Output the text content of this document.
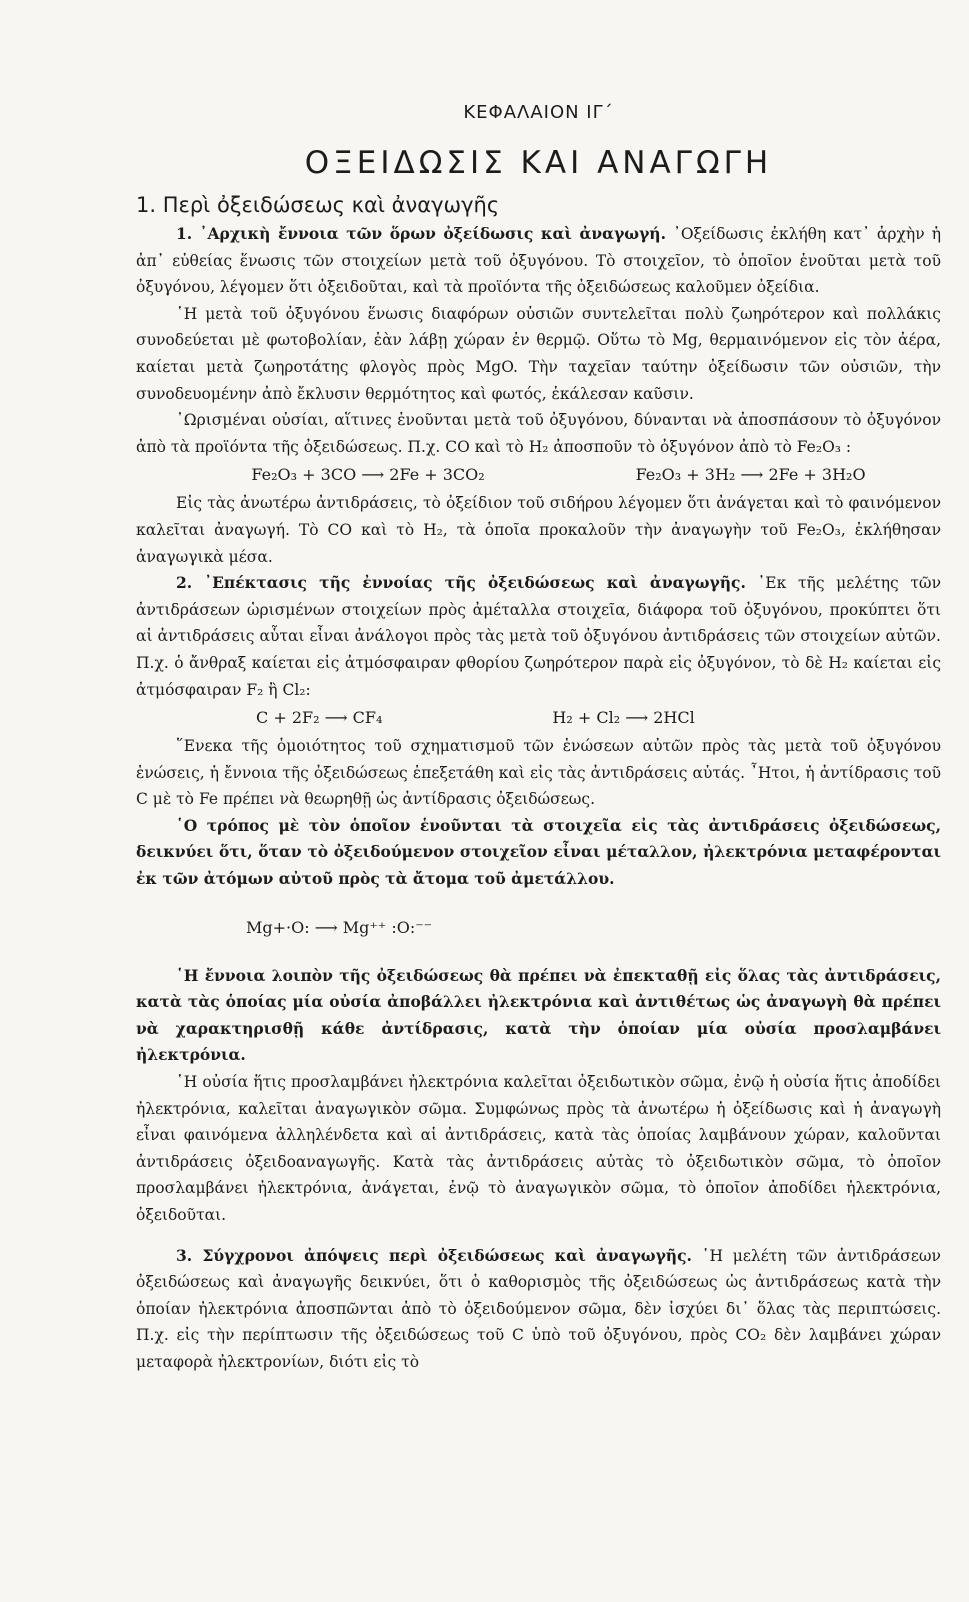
ΚΕΦΑΛΑΙΟΝ ΙΓ΄
ΟΞΕΙΔΩΣΙΣ ΚΑΙ ΑΝΑΓΩΓΗ
1. Περὶ ὀξειδώσεως καὶ ἀναγωγῆς

1. ᾿Αρχικὴ ἔννοια τῶν ὅρων ὀξείδωσις καὶ ἀναγωγή. ᾿Οξείδωσις ἐκλήθη κατ᾿ ἀρχὴν ἡ ἀπ᾿ εὐθείας ἕνωσις τῶν στοιχείων μετὰ τοῦ ὀξυγόνου. Τὸ στοιχεῖον, τὸ ὁποῖον ἑνοῦται μετὰ τοῦ ὀξυγόνου, λέγομεν ὅτι ὀξειδοῦται, καὶ τὰ προϊόντα τῆς ὀξειδώσεως καλοῦμεν ὀξείδια.

῾Η μετὰ τοῦ ὀξυγόνου ἕνωσις διαφόρων οὐσιῶν συντελεῖται πολὺ ζωηρότερον καὶ πολλάκις συνοδεύεται μὲ φωτοβολίαν, ἐὰν λάβῃ χώραν ἐν θερμῷ. Οὕτω τὸ Mg, θερμαινόμενον εἰς τὸν ἀέρα, καίεται μετὰ ζωηροτάτης φλογὸς πρὸς MgO. Τὴν ταχεῖαν ταύτην ὀξείδωσιν τῶν οὐσιῶν, τὴν συνοδευομένην ἀπὸ ἔκλυσιν θερμότητος καὶ φωτός, ἐκάλεσαν καῦσιν.

᾿Ωρισμέναι οὐσίαι, αἵτινες ἑνοῦνται μετὰ τοῦ ὀξυγόνου, δύνανται νὰ ἀποσπάσουν τὸ ὀξυγόνον ἀπὸ τὰ προϊόντα τῆς ὀξειδώσεως. Π.χ. CO καὶ τὸ H₂ ἀποσποῦν τὸ ὀξυγόνον ἀπὸ τὸ Fe₂O₃ :

Fe₂O₃ + 3CO ⟶ 2Fe + 3CO₂	Fe₂O₃ + 3H₂ ⟶ 2Fe + 3H₂O

Εἰς τὰς ἀνωτέρω ἀντιδράσεις, τὸ ὀξείδιον τοῦ σιδήρου λέγομεν ὅτι ἀνάγεται καὶ τὸ φαινόμενον καλεῖται ἀναγωγή. Τὸ CO καὶ τὸ H₂, τὰ ὁποῖα προκαλοῦν τὴν ἀναγωγὴν τοῦ Fe₂O₃, ἐκλήθησαν ἀναγωγικὰ μέσα.

2. ᾿Επέκτασις τῆς ἐννοίας τῆς ὀξειδώσεως καὶ ἀναγωγῆς. ᾿Εκ τῆς μελέτης τῶν ἀντιδράσεων ὡρισμένων στοιχείων πρὸς ἀμέταλλα στοιχεῖα, διάφορα τοῦ ὀξυγόνου, προκύπτει ὅτι αἱ ἀντιδράσεις αὗται εἶναι ἀνάλογοι πρὸς τὰς μετὰ τοῦ ὀξυγόνου ἀντιδράσεις τῶν στοιχείων αὐτῶν. Π.χ. ὁ ἄνθραξ καίεται εἰς ἀτμόσφαιραν φθορίου ζωηρότερον παρὰ εἰς ὀξυγόνον, τὸ δὲ H₂ καίεται εἰς ἀτμόσφαιραν F₂ ἢ Cl₂:

C + 2F₂ ⟶ CF₄	H₂ + Cl₂ ⟶ 2HCl

῞Ενεκα τῆς ὁμοιότητος τοῦ σχηματισμοῦ τῶν ἑνώσεων αὐτῶν πρὸς τὰς μετὰ τοῦ ὀξυγόνου ἑνώσεις, ἡ ἔννοια τῆς ὀξειδώσεως ἐπεξετάθη καὶ εἰς τὰς ἀντιδράσεις αὐτάς. ῏Ητοι, ἡ ἀντίδρασις τοῦ C μὲ τὸ Fe πρέπει νὰ θεωρηθῇ ὡς ἀντίδρασις ὀξειδώσεως.

῾Ο τρόπος μὲ τὸν ὁποῖον ἑνοῦνται τὰ στοιχεῖα εἰς τὰς ἀντιδράσεις ὀξειδώσεως, δεικνύει ὅτι, ὅταν τὸ ὀξειδούμενον στοιχεῖον εἶναι μέταλλον, ἠλεκτρόνια μεταφέρονται ἐκ τῶν ἀτόμων αὐτοῦ πρὸς τὰ ἄτομα τοῦ ἀμετάλλου.

Mg+·O: ⟶ Mg⁺⁺ :O:⁻⁻

῾Η ἔννοια λοιπὸν τῆς ὀξειδώσεως θὰ πρέπει νὰ ἐπεκταθῇ εἰς ὅλας τὰς ἀντιδράσεις, κατὰ τὰς ὁποίας μία οὐσία ἀποβάλλει ἠλεκτρόνια καὶ ἀντιθέτως ὡς ἀναγωγὴ θὰ πρέπει νὰ χαρακτηρισθῇ κάθε ἀντίδρασις, κατὰ τὴν ὁποίαν μία οὐσία προσλαμβάνει ἠλεκτρόνια.

῾Η οὐσία ἥτις προσλαμβάνει ἠλεκτρόνια καλεῖται ὀξειδωτικὸν σῶμα, ἐνῷ ἡ οὐσία ἥτις ἀποδίδει ἠλεκτρόνια, καλεῖται ἀναγωγικὸν σῶμα. Συμφώνως πρὸς τὰ ἀνωτέρω ἡ ὀξείδωσις καὶ ἡ ἀναγωγὴ εἶναι φαινόμενα ἀλληλένδετα καὶ αἱ ἀντιδράσεις, κατὰ τὰς ὁποίας λαμβάνουν χώραν, καλοῦνται ἀντιδράσεις ὀξειδοαναγωγῆς. Κατὰ τὰς ἀντιδράσεις αὐτὰς τὸ ὀξειδωτικὸν σῶμα, τὸ ὁποῖον προσλαμβάνει ἠλεκτρόνια, ἀνάγεται, ἐνῷ τὸ ἀναγωγικὸν σῶμα, τὸ ὁποῖον ἀποδίδει ἠλεκτρόνια, ὀξειδοῦται.

3. Σύγχρονοι ἀπόψεις περὶ ὀξειδώσεως καὶ ἀναγωγῆς. ῾Η μελέτη τῶν ἀντιδράσεων ὀξειδώσεως καὶ ἀναγωγῆς δεικνύει, ὅτι ὁ καθορισμὸς τῆς ὀξειδώσεως ὡς ἀντιδράσεως κατὰ τὴν ὁποίαν ἠλεκτρόνια ἀποσπῶνται ἀπὸ τὸ ὀξειδούμενον σῶμα, δὲν ἰσχύει δι᾿ ὅλας τὰς περιπτώσεις. Π.χ. εἰς τὴν περίπτωσιν τῆς ὀξειδώσεως τοῦ C ὑπὸ τοῦ ὀξυγόνου, πρὸς CO₂ δὲν λαμβάνει χώραν μεταφορὰ ἠλεκτρονίων, διότι εἰς τὸ
